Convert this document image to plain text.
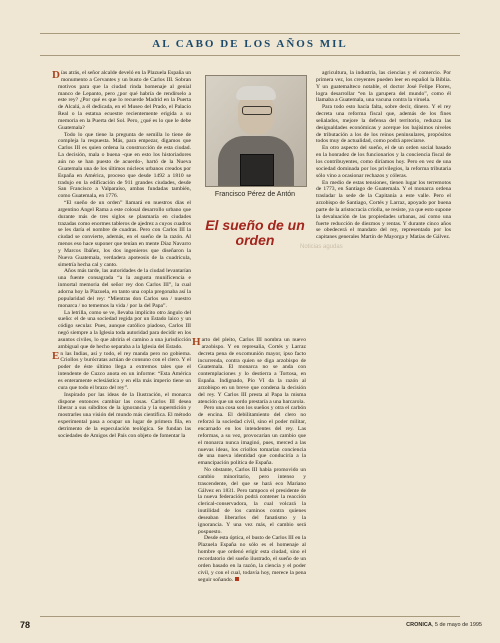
AL CABO DE LOS AÑOS MIL

Días atrás, el señor alcalde develó en la Plazuela España un monumento a Cervantes y un busto de Carlos III. Sobran motivos para que la ciudad rinda homenaje al genial manco de Lepanto, pero ¿por qué habría de rendírselo a este rey? ¿Por qué es que lo recuerde Madrid en la Puerta de Alcalá, a él dedicada, en el Museo del Prado, el Palacio Real o la estatua ecuestre recientemente erigida a su memoria en la Puerta del Sol. Pero, ¿qué es lo que le debe Guatemala?

Todo lo que tiene la pregunta de semilla lo tiene de compleja la respuesta. Más, para empezar, digamos que Carlos III es quien ordena la construcción de esta ciudad. La decisión, mala o buena -que en esto los historiadores aún no se han puesto de acuerdo-, hartó de la Nueva Guatemala una de los últimos núcleos urbanos creados por España en América, proceso que desde 1492 a 1810 se tradujo en la edificación de 911 grandes ciudades, desde San Francisco a Valparaíso, ambas fundadas también, como Guatemala, en 1776.

“El sueño de un orden” llamará en nuestros días el argentino Angel Rama a este colosal desarrollo urbano que durante más de tres siglos se plasmaría en ciudades trazadas como enormes tableros de ajedrez a cuyos cuadros se les daría el nombre de cuadras. Pero con Carlos III la ciudad se convierte, además, en el sueño de la razón. Al menos eso hace suponer que tenían en mente Díaz Navarro y Marcos Ibáñez, los dos ingenieros que diseñaron la Nueva Guatemala, verdadera apoteosis de la cuadrícula, simetría hecha cal y canto.

Años más tarde, las autoridades de la ciudad levantarían una fuente consagrada “a la augusta munificencia e inmortal memoria del señor rey don Carlos III”, la cual adorna hoy la Plazuela, en tanto una copla pregonaba así la popularidad del rey: “Mientras don Carlos sea / nuestro monarca / no tememos la vida / por la del Papa”.

La letrilla, como se ve, llevaba implícito otro ángulo del sueño: el de una sociedad regida por un Estado laico y un código secular. Pues, aunque católico piadoso, Carlos III negó siempre a la Iglesia toda autoridad para decidir en los asuntos civiles, lo que abriría el camino a una jurisdicción ambigual que de hecho separaba a la Iglesia del Estado.

En las Indias, así y todo, el rey manda pero no gobierna. Criollos y burócratas actúan de consuno con el clero. Y el poder de éste último llega a extremos tales que el intendente de Cuzco anota en un informe: “Esta América es enteramente eclesiástica y en ella más imperio tiene un cura que todo el brazo del rey”.

Inspirado por las ideas de la Ilustración, el monarca dispone entonces cambiar las cosas. Carlos III desea liberar a sus súbditos de la ignorancia y la superstición y mostrarles una visión del mundo más científica. El método experimental pasa a ocupar un lugar de primera fila, en detrimento de la especulación teológica. Se fundan las sociedades de Amigos del País con objeto de fomentar la

Francisco Pérez de Antón
El sueño de un orden	Noticias agudas

Harto del pleito, Carlos III nombra un nuevo arzobispo. Y en represalia, Cortés y Larraz decreta pena de excomunión mayor, ipso facto incurrenda, contra quien se diga arzobispo de Guatemala. El monarca no se anda con contemplaciones y lo destierra a Tortosa, en España. Indignado, Pío VI da la razón al arzobispo en un breve que condena la decisión del rey. Y Carlos III presta al Papa la misma atención que un sordo prestaría a una barcarola.

Pero una cosa son los sueños y otra el carbón de encina. El debilitamiento del clero no reforzó la sociedad civil, sino el poder militar, encarnado en los intendentes del rey. Las reformas, a su vez, provocarían un cambio que el monarca nunca imaginó, pues, merced a las nuevas ideas, los criollos tomarían conciencia de una nueva identidad que conduciría a la emancipación política de España.

No obstante, Carlos III había promovido un cambio minoritario, pero intenso y trascendente, del que se hará eco Mariano Gálvez en 1831. Pero tampoco el presidente de la nueva federación podrá contener la reacción clerical-conservadora, la cual volcará la inutilidad de los caminos contra quienes deseaban liberarlos del fanatismo y la ignorancia. Y una vez más, el cambio será pospuesto.

Desde esta óptica, el busto de Carlos III en la Plazuela España no sólo es el homenaje al hombre que ordenó erigir esta ciudad, sino el recordatorio del sueño ilustrado, el sueño de un orden basado en la razón, la ciencia y el poder civil, y con el cual, todavía hoy, merece la pena seguir soñando.

agricultura, la industria, las ciencias y el comercio. Por primera vez, los creyentes pueden leer en español la Biblia. Y un guatemalteco notable, el doctor José Felipe Flores, logra desarrollar “en la garupera del mundo”, como él llamaba a Guatemala, una vacuna contra la viruela.

Para todo esto hacía falta, sobre decir, dinero. Y el rey decreta una reforma fiscal que, además de los fines señalados, mejore la defensa del territorio, reduzca las desigualdades económicas y acerque los bajísimos niveles de tributación a los de los reinos peninsulares, propósitos todos muy de actualidad, como podrá apreciarse.

En otro aspecto del sueño, el de un orden social basado en la honradez de los funcionarios y la conciencia fiscal de los contribuyentes, como diríamos hoy. Pero en vez de una sociedad dominada por los privilegios, la reforma tributaria sólo vino a ocasionar rechazos y cóleras.

En medio de estas tensiones, tienen lugar los terremotos de 1773, en Santiago de Guatemala. Y el monarca ordena trasladar la sede de la Capitanía a este valle. Pero el arzobispo de Santiago, Cortés y Larraz, apoyado por buena parte de la aristocracia criolla, se resiste, ya que esto supone la devaluación de las propiedades urbanas, así como una fuerte reducción de diezmos y rentas. Y durante cinco años se obedecerá el mandato del rey, representado por los capitanes generales Martín de Mayorga y Matías de Gálvez.

78	CRONICA, 5 de mayo de 1995
